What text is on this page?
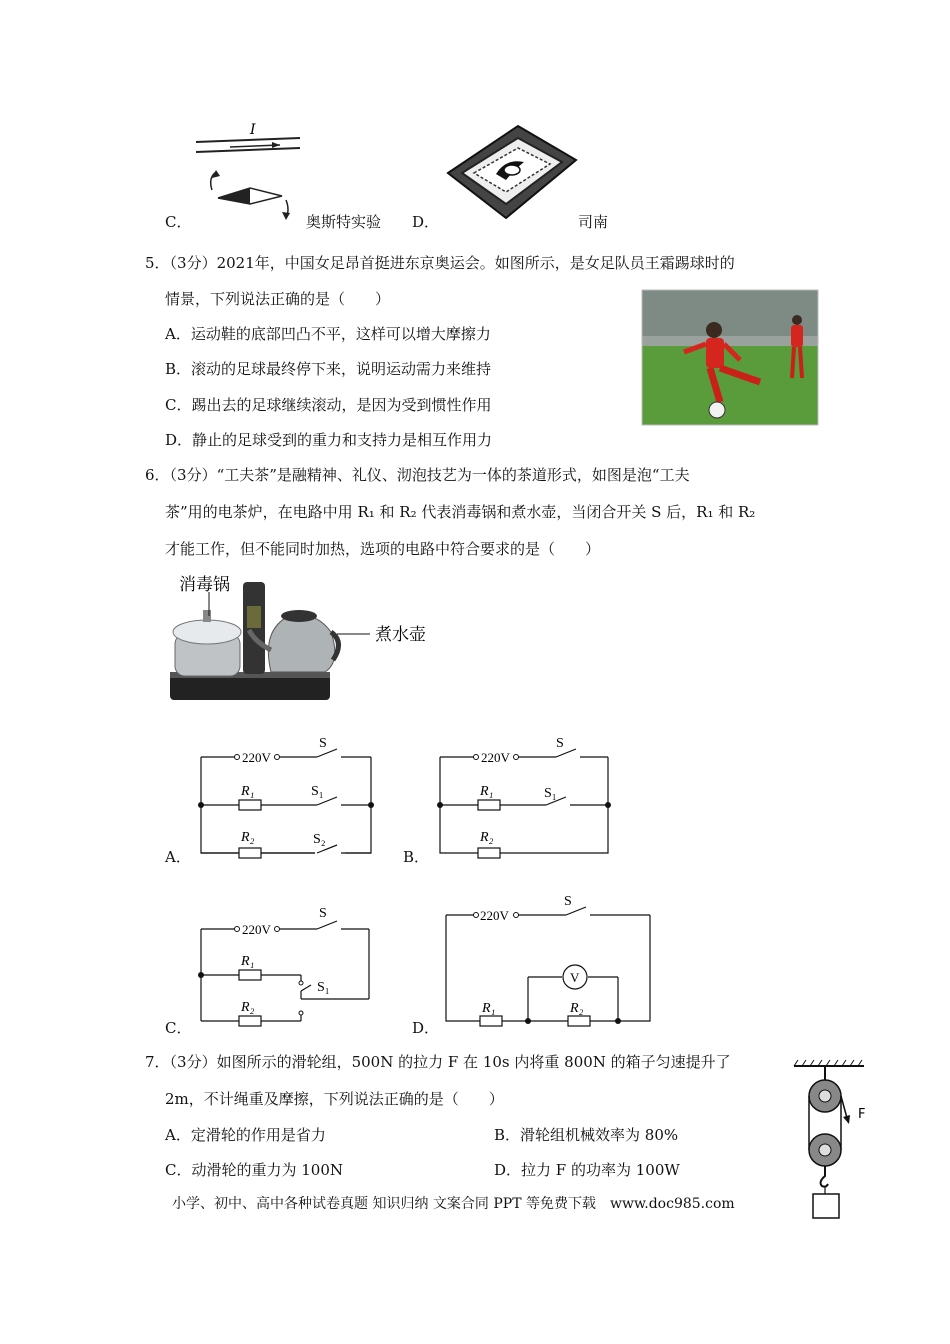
I
C．	奥斯特实验 D．	司南
5．（3分）2021年，中国女足昂首挺进东京奥运会。如图所示，是女足队员王霜踢球时的
情景，下列说法正确的是（　　）
A．运动鞋的底部凹凸不平，这样可以增大摩擦力
B．滚动的足球最终停下来，说明运动需力来维持
C．踢出去的足球继续滚动，是因为受到惯性作用
D．静止的足球受到的重力和支持力是相互作用力
6．（3分）“工夫茶”是融精神、礼仪、沏泡技艺为一体的茶道形式，如图是泡“工夫
茶”用的电茶炉，在电路中用 R₁ 和 R₂ 代表消毒锅和煮水壶，当闭合开关 S 后，R₁ 和 R₂
才能工作，但不能同时加热，选项的电路中符合要求的是（　　）
消毒锅
煮水壶
220V
S
R₁	S₁
R₂	S₂
A．
220V
S
R₁	S₁
R₂
B．
220V
S
R₁
S₁
R₂
C．
V
220V
S
R₁	R₂
D．
7．（3分）如图所示的滑轮组，500N 的拉力 F 在 10s 内将重 800N 的箱子匀速提升了
2m，不计绳重及摩擦，下列说法正确的是（　　）
A．定滑轮的作用是省力	B．滑轮组机械效率为 80%
C．动滑轮的重力为 100N	D．拉力 F 的功率为 100W
F
小学、初中、高中各种试卷真题 知识归纳 文案合同 PPT 等免费下载　www.doc985.com
